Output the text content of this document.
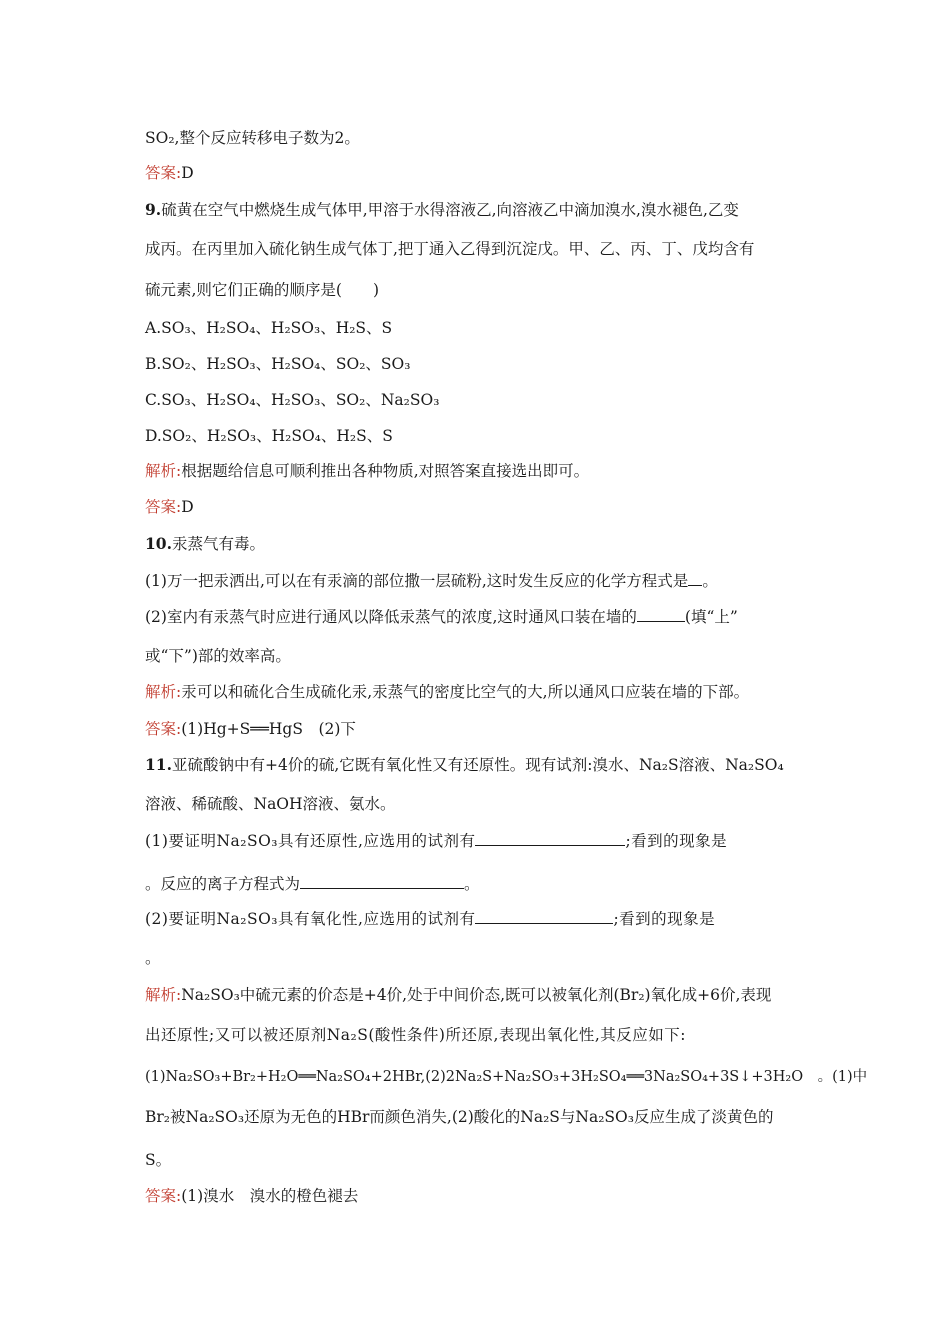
SO₂,整个反应转移电子数为2。
答案:D
9.硫黄在空气中燃烧生成气体甲,甲溶于水得溶液乙,向溶液乙中滴加溴水,溴水褪色,乙变
成丙。在丙里加入硫化钠生成气体丁,把丁通入乙得到沉淀戊。甲、乙、丙、丁、戊均含有
硫元素,则它们正确的顺序是(　　)
A.SO₃、H₂SO₄、H₂SO₃、H₂S、S
B.SO₂、H₂SO₃、H₂SO₄、SO₂、SO₃
C.SO₃、H₂SO₄、H₂SO₃、SO₂、Na₂SO₃
D.SO₂、H₂SO₃、H₂SO₄、H₂S、S
解析:根据题给信息可顺利推出各种物质,对照答案直接选出即可。
答案:D
10.汞蒸气有毒。
(1)万一把汞洒出,可以在有汞滴的部位撒一层硫粉,这时发生反应的化学方程式是 。
(2)室内有汞蒸气时应进行通风以降低汞蒸气的浓度,这时通风口装在墙的	(填“上”
或“下”)部的效率高。
解析:汞可以和硫化合生成硫化汞,汞蒸气的密度比空气的大,所以通风口应装在墙的下部。
答案:(1)Hg+S══HgS　(2)下
11.亚硫酸钠中有+4价的硫,它既有氧化性又有还原性。现有试剂:溴水、Na₂S溶液、Na₂SO₄
溶液、稀硫酸、NaOH溶液、氨水。
(1)要证明Na₂SO₃具有还原性,应选用的试剂有	;看到的现象是
。反应的离子方程式为	。
(2)要证明Na₂SO₃具有氧化性,应选用的试剂有	;看到的现象是
。
解析:Na₂SO₃中硫元素的价态是+4价,处于中间价态,既可以被氧化剂(Br₂)氧化成+6价,表现
出还原性;又可以被还原剂Na₂S(酸性条件)所还原,表现出氧化性,其反应如下:
(1)Na₂SO₃+Br₂+H₂O══Na₂SO₄+2HBr,(2)2Na₂S+Na₂SO₃+3H₂SO₄══3Na₂SO₄+3S↓+3H₂O　。(1)中
Br₂被Na₂SO₃还原为无色的HBr而颜色消失,(2)酸化的Na₂S与Na₂SO₃反应生成了淡黄色的
S。
答案:(1)溴水　溴水的橙色褪去
